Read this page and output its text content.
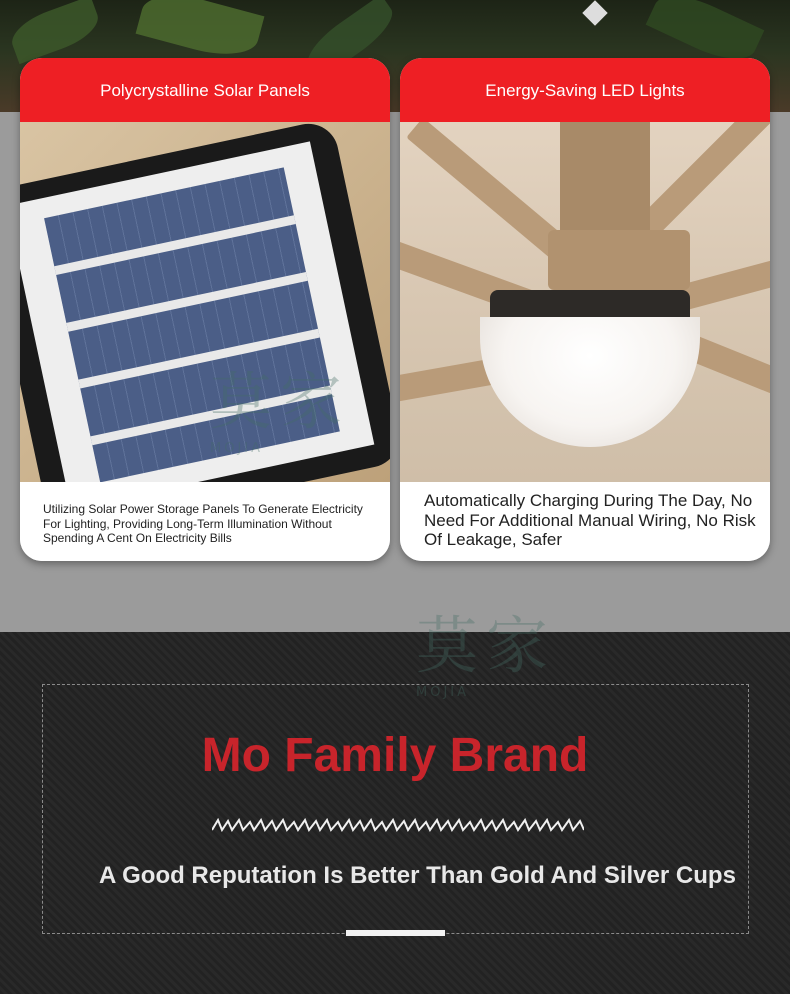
Polycrystalline Solar Panels
莫家
MOJIA

Utilizing Solar Power Storage Panels To Generate Electricity For Lighting, Providing Long-Term Illumination Without Spending A Cent On Electricity Bills

Energy-Saving LED Lights

Automatically Charging During The Day, No Need For Additional Manual Wiring, No Risk Of Leakage, Safer

莫家
MOJIA
Mo Family Brand
A Good Reputation Is Better Than Gold And Silver Cups
